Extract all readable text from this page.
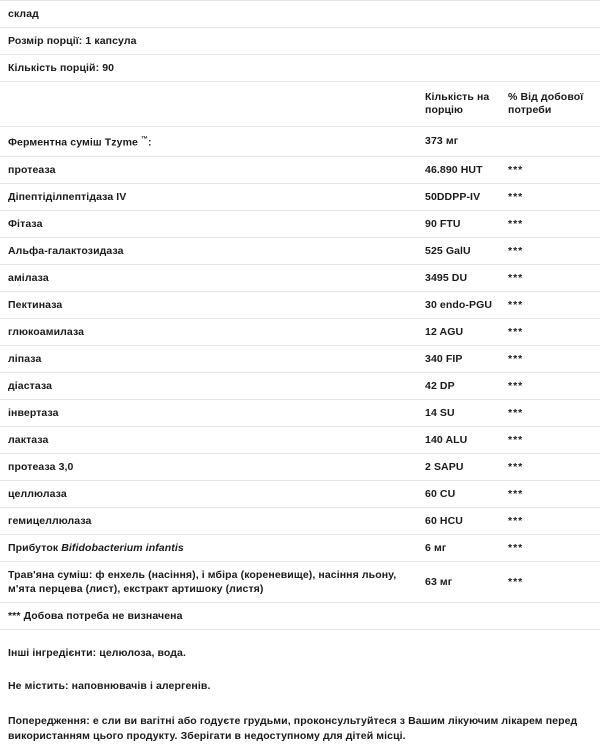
склад
Розмір порції: 1 капсула
Кількість порцій: 90
	Кількість на порцію	% Від добової потреби
Ферментна суміш Tzyme ™:	373 мг	
протеаза	46.890 HUT	***
Діпептіділпептідаза IV	50DDPP-IV	***
Фітаза	90 FTU	***
Альфа-галактозидаза	525 GalU	***
амілаза	3495 DU	***
Пектиназа	30 endo-PGU	***
глюкоамилаза	12 AGU	***
ліпаза	340 FIP	***
діастаза	42 DP	***
інвертаза	14 SU	***
лактаза	140 ALU	***
протеаза 3,0	2 SAPU	***
целлюлаза	60 CU	***
гемицеллюлаза	60 HCU	***
Прибуток Bifidobacterium infantis	6 мг	***
Трав'яна суміш: ф енхель (насіння), і мбіра (кореневище), насіння льону, м'ята перцева (лист), екстракт артишоку (листя)	63 мг	***
*** Добова потреба не визначена		

Інші інгредієнти: целюлоза, вода.

Не містить: наповнювачів і алергенів.

Попередження: е сли ви вагітні або годуєте грудьми, проконсультуйтеся з Вашим лікуючим лікарем перед використанням цього продукту. Зберігати в недоступному для дітей місці.
